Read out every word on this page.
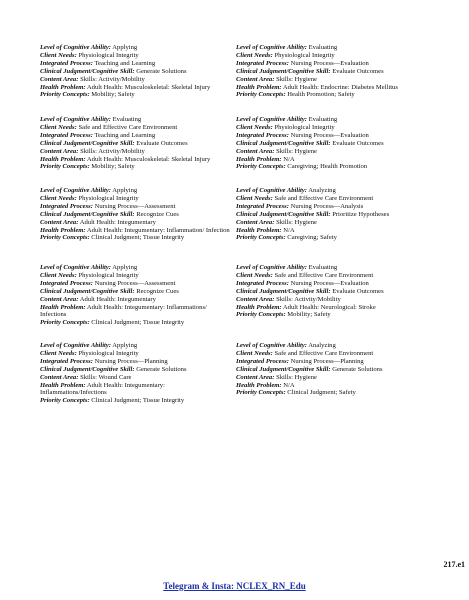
Level of Cognitive Ability: Applying
Client Needs: Physiological Integrity
Integrated Process: Teaching and Learning
Clinical Judgment/Cognitive Skill: Generate Solutions
Content Area: Skills: Activity/Mobility
Health Problem: Adult Health: Musculoskeletal: Skeletal Injury
Priority Concepts: Mobility; Safety
Level of Cognitive Ability: Evaluating
Client Needs: Safe and Effective Care Environment
Integrated Process: Teaching and Learning
Clinical Judgment/Cognitive Skill: Evaluate Outcomes
Content Area: Skills: Activity/Mobility
Health Problem: Adult Health: Musculoskeletal: Skeletal Injury
Priority Concepts: Mobility; Safety
Level of Cognitive Ability: Applying
Client Needs: Physiological Integrity
Integrated Process: Nursing Process—Assessment
Clinical Judgment/Cognitive Skill: Recognize Cues
Content Area: Adult Health: Integumentary
Health Problem: Adult Health: Integumentary: Inflammation/ Infection
Priority Concepts: Clinical Judgment; Tissue Integrity
Level of Cognitive Ability: Applying
Client Needs: Physiological Integrity
Integrated Process: Nursing Process—Assessment
Clinical Judgment/Cognitive Skill: Recognize Cues
Content Area: Adult Health: Integumentary
Health Problem: Adult Health: Integumentary: Inflammations/ Infections
Priority Concepts: Clinical Judgment; Tissue Integrity
Level of Cognitive Ability: Applying
Client Needs: Physiological Integrity
Integrated Process: Nursing Process—Planning
Clinical Judgment/Cognitive Skill: Generate Solutions
Content Area: Skills: Wound Care
Health Problem: Adult Health: Integumentary: Inflammations/Infections
Priority Concepts: Clinical Judgment; Tissue Integrity
Level of Cognitive Ability: Evaluating
Client Needs: Physiological Integrity
Integrated Process: Nursing Process—Evaluation
Clinical Judgment/Cognitive Skill: Evaluate Outcomes
Content Area: Skills: Hygiene
Health Problem: Adult Health: Endocrine: Diabetes Mellitus
Priority Concepts: Health Promotion; Safety
Level of Cognitive Ability: Evaluating
Client Needs: Physiological Integrity
Integrated Process: Nursing Process—Evaluation
Clinical Judgment/Cognitive Skill: Evaluate Outcomes
Content Area: Skills: Hygiene
Health Problem: N/A
Priority Concepts: Caregiving; Health Promotion
Level of Cognitive Ability: Analyzing
Client Needs: Safe and Effective Care Environment
Integrated Process: Nursing Process—Analysis
Clinical Judgment/Cognitive Skill: Prioritize Hypotheses
Content Area: Skills: Hygiene
Health Problem: N/A
Priority Concepts: Caregiving; Safety
Level of Cognitive Ability: Evaluating
Client Needs: Safe and Effective Care Environment
Integrated Process: Nursing Process—Evaluation
Clinical Judgment/Cognitive Skill: Evaluate Outcomes
Content Area: Skills: Activity/Mobility
Health Problem: Adult Health: Neurological: Stroke
Priority Concepts: Mobility; Safety
Level of Cognitive Ability: Analyzing
Client Needs: Safe and Effective Care Environment
Integrated Process: Nursing Process—Planning
Clinical Judgment/Cognitive Skill: Generate Solutions
Content Area: Skills: Hygiene
Health Problem: N/A
Priority Concepts: Clinical Judgment; Safety
217.e1
Telegram & Insta: NCLEX_RN_Edu
